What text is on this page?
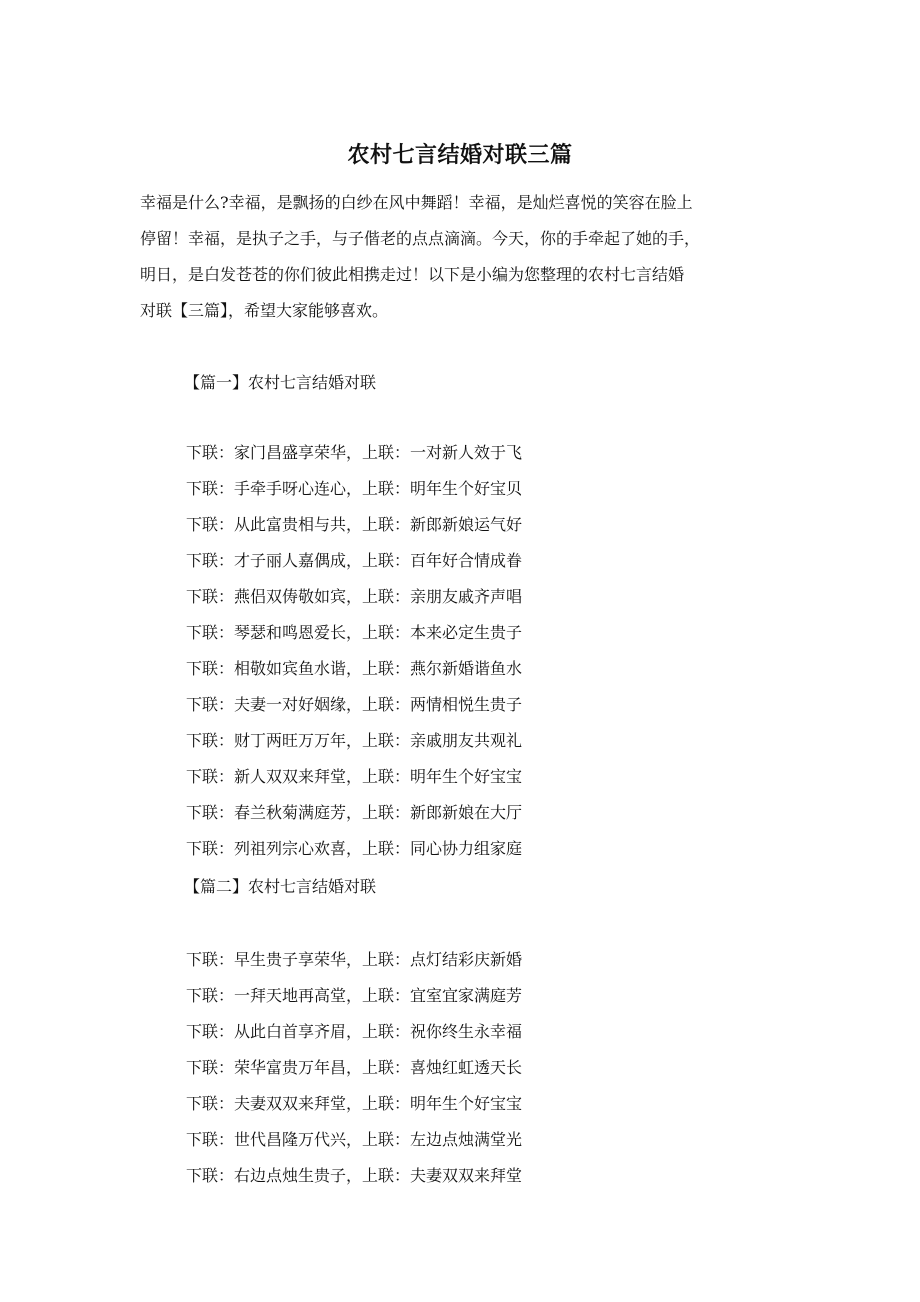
农村七言结婚对联三篇

幸福是什么?幸福，是飘扬的白纱在风中舞蹈！幸福，是灿烂喜悦的笑容在脸上
停留！幸福，是执子之手，与子偕老的点点滴滴。今天，你的手牵起了她的手，
明日，是白发苍苍的你们彼此相携走过！以下是小编为您整理的农村七言结婚
对联【三篇】，希望大家能够喜欢。

【篇一】农村七言结婚对联
下联：家门昌盛享荣华，上联：一对新人效于飞
下联：手牵手呀心连心，上联：明年生个好宝贝
下联：从此富贵相与共，上联：新郎新娘运气好
下联：才子丽人嘉偶成，上联：百年好合情成眷
下联：燕侣双俦敬如宾，上联：亲朋友戚齐声唱
下联：琴瑟和鸣恩爱长，上联：本来必定生贵子
下联：相敬如宾鱼水谐，上联：燕尔新婚谐鱼水
下联：夫妻一对好姻缘，上联：两情相悦生贵子
下联：财丁两旺万万年，上联：亲戚朋友共观礼
下联：新人双双来拜堂，上联：明年生个好宝宝
下联：春兰秋菊满庭芳，上联：新郎新娘在大厅
下联：列祖列宗心欢喜，上联：同心协力组家庭
【篇二】农村七言结婚对联
下联：早生贵子享荣华，上联：点灯结彩庆新婚
下联：一拜天地再高堂，上联：宜室宜家满庭芳
下联：从此白首享齐眉，上联：祝你终生永幸福
下联：荣华富贵万年昌，上联：喜烛红虹透天长
下联：夫妻双双来拜堂，上联：明年生个好宝宝
下联：世代昌隆万代兴，上联：左边点烛满堂光
下联：右边点烛生贵子，上联：夫妻双双来拜堂
